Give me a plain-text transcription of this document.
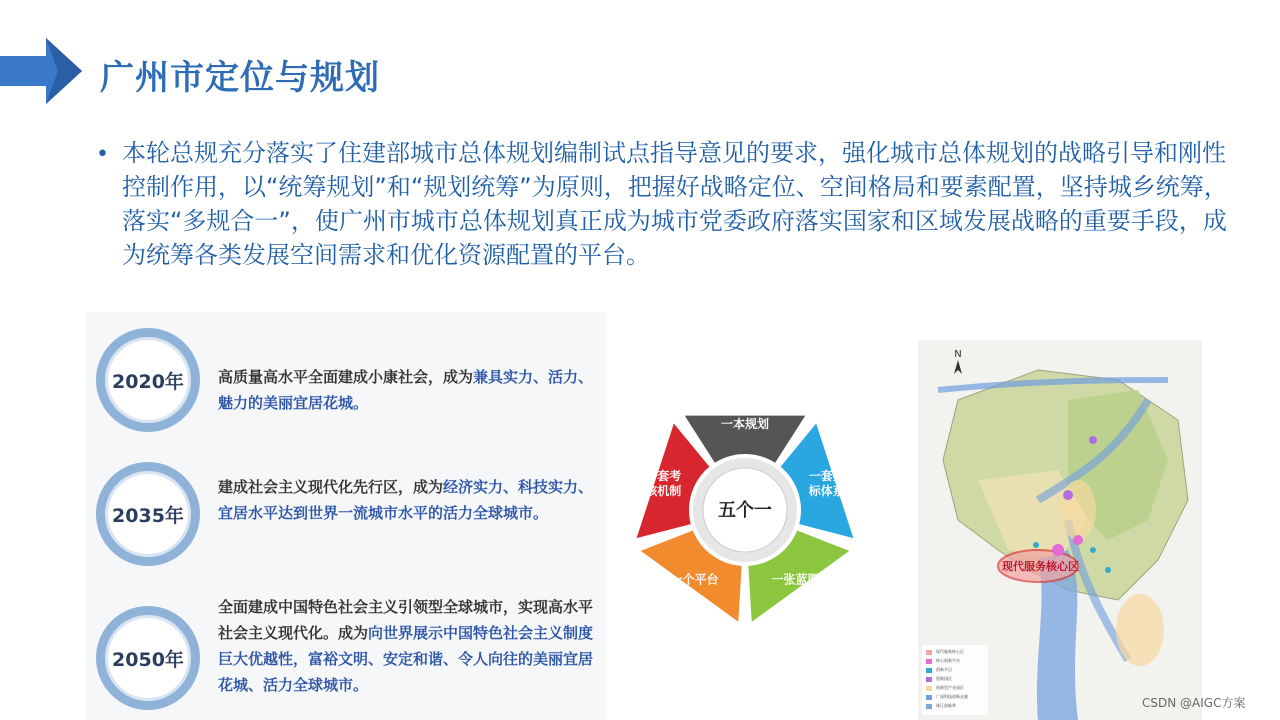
广州市定位与规划
• 本轮总规充分落实了住建部城市总体规划编制试点指导意见的要求，强化城市总体规划的战略引导和刚性控制作用，以“统筹规划”和“规划统筹”为原则，把握好战略定位、空间格局和要素配置，坚持城乡统筹，落实“多规合一”，使广州市城市总体规划真正成为城市党委政府落实国家和区域发展战略的重要手段，成为统筹各类发展空间需求和优化资源配置的平台。
2020年 高质量高水平全面建成小康社会，成为兼具实力、活力、魅力的美丽宜居花城。
2035年
建成社会主义现代化先行区，成为经济实力、科技实力、宜居水平达到世界一流城市水平的活力全球城市。
2050年
全面建成中国特色社会主义引领型全球城市，实现高水平社会主义现代化。成为向世界展示中国特色社会主义制度巨大优越性，富裕文明、安定和谐、令人向往的美丽宜居花城、活力全球城市。
五个一
一本规划
一套指标体系
一张蓝图
一个平台
一套考核机制
N
现代服务核心区
现代服务核心区
核心创新平台
创新节点
创新园区
创新型产业园区
广深科技创新走廊
珠江创新带	CSDN @AIGC方案
